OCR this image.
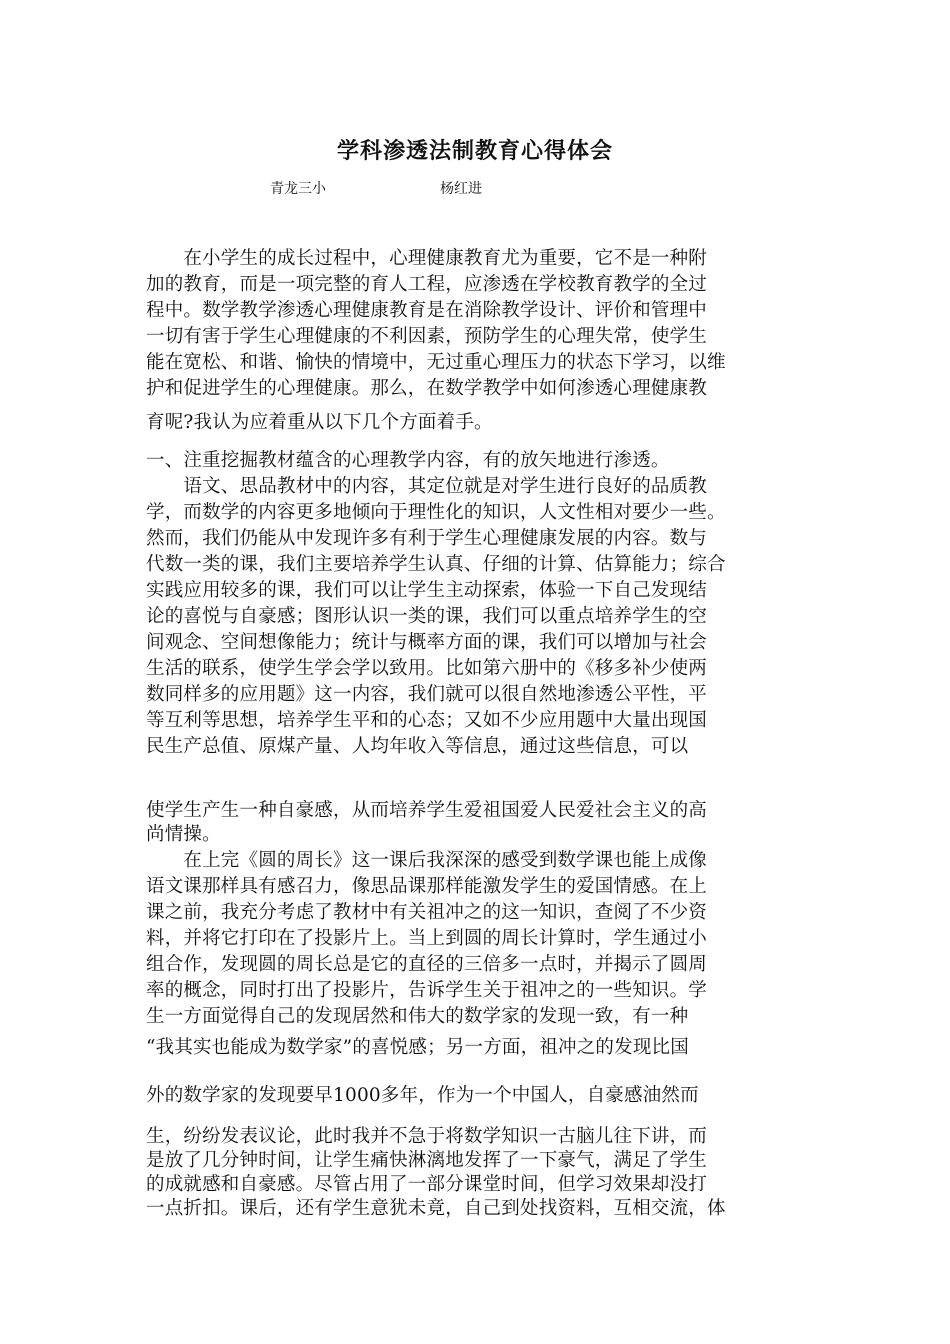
学科渗透法制教育心得体会
青龙三小	杨红进
　　在小学生的成长过程中，心理健康教育尤为重要，它不是一种附
加的教育，而是一项完整的育人工程，应渗透在学校教育教学的全过
程中。数学教学渗透心理健康教育是在消除教学设计、评价和管理中
一切有害于学生心理健康的不利因素，预防学生的心理失常，使学生
能在宽松、和谐、愉快的情境中，无过重心理压力的状态下学习，以维
护和促进学生的心理健康。那么，在数学教学中如何渗透心理健康教
育呢?我认为应着重从以下几个方面着手。
一、注重挖掘教材蕴含的心理教学内容，有的放矢地进行渗透。
　　语文、思品教材中的内容，其定位就是对学生进行良好的品质教
学，而数学的内容更多地倾向于理性化的知识，人文性相对要少一些。
然而，我们仍能从中发现许多有利于学生心理健康发展的内容。数与
代数一类的课，我们主要培养学生认真、仔细的计算、估算能力；综合
实践应用较多的课，我们可以让学生主动探索，体验一下自己发现结
论的喜悦与自豪感；图形认识一类的课，我们可以重点培养学生的空
间观念、空间想像能力；统计与概率方面的课，我们可以增加与社会
生活的联系，使学生学会学以致用。比如第六册中的《移多补少使两
数同样多的应用题》这一内容，我们就可以很自然地渗透公平性，平
等互利等思想，培养学生平和的心态；又如不少应用题中大量出现国
民生产总值、原煤产量、人均年收入等信息，通过这些信息，可以
使学生产生一种自豪感，从而培养学生爱祖国爱人民爱社会主义的高
尚情操。
　　在上完《圆的周长》这一课后我深深的感受到数学课也能上成像
语文课那样具有感召力，像思品课那样能激发学生的爱国情感。在上
课之前，我充分考虑了教材中有关祖冲之的这一知识，查阅了不少资
料，并将它打印在了投影片上。当上到圆的周长计算时，学生通过小
组合作，发现圆的周长总是它的直径的三倍多一点时，并揭示了圆周
率的概念，同时打出了投影片，告诉学生关于祖冲之的一些知识。学
生一方面觉得自己的发现居然和伟大的数学家的发现一致，有一种
“我其实也能成为数学家”的喜悦感；另一方面，祖冲之的发现比国
外的数学家的发现要早1000多年，作为一个中国人，自豪感油然而
生，纷纷发表议论，此时我并不急于将数学知识一古脑儿往下讲，而
是放了几分钟时间，让学生痛快淋漓地发挥了一下豪气，满足了学生
的成就感和自豪感。尽管占用了一部分课堂时间，但学习效果却没打
一点折扣。课后，还有学生意犹未竟，自己到处找资料，互相交流，体
